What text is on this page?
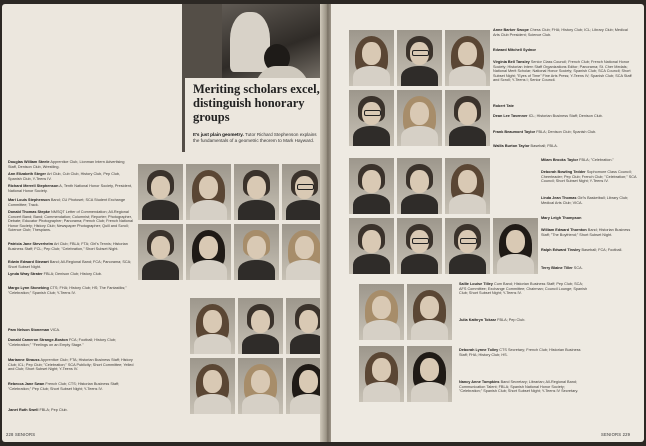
Meriting scholars excel, distinguish honorary groups
It's just plain geometry. Tutor Richard Stephenson explains the fundamentals of a geometric theorem to Mark Hayward.
Douglas William Steele Apprentice Club, Lionman Intern Advertising Staff, Denison Club, Wrestling.
Ann Elizabeth Steger Art Club, Cub Club, History Club, Pep Club, Spanish Club, Y-Teens IV.
Richard Merrell Stephenson A, Tenth National Honor Society, President, National Honor Society.
Mari Louis Stephenson Band; CU Photoset; SCA Student Exchange Committee; Track.
Donald Thomas Stepke NMSQT Letter of Commendation; All-Regional Concert Band; Band; Commendation; Columnist; Reporter; Photographer, Debate; Educator Photographer; Panorama; French Club; French National Honor Society; History Club; Newspaper Photographer; Quill and Scroll; Science Club; Thespians.
Patricia Jane Steverhelm Art Club; FBLA; FTA; Girl's Tennis; Historian Business Staff; FCL; Pep Club; "Celebration," Short Subset Night.
Edwin Edward Stewart Band; All-Regional Band; FCA; Panorama; SCA; Short Subset Night.
Lynda Wray Strater FBLA; Denison Club; History Club.
Margo Lynn Stoneking CTS; FHA; History Club; HS; The Fantastiks;" "Celebration;" Spanish Club; Y-Teens IV.
Pam Nelson Stoneman VICA.
Donald Cameron Strange-Boston FCA; Football; History Club; "Celebration;" "Feelings on an Empty Stage."
Marianne Strauss Apprentice Club; FTA; Historian Business Staff; History Club; ICL; Pep Club; "Celebration;" SCA Publicity; Short Committee; Yelled and Club; Short Subset Night; Y-Teens IV.
Rebecca Jane Swan French Club; CTS; Historian Business Staff; "Celebration;" Pep Club; Short Subset Night; Y-Teens IV.
Janet Ruth Swell FBLA; Pep Club.
228 SENIORS
Anne Barker Swope Chess Club; FHA; History Club; ICL; Library Club; Medical Arts Club President; Science Club.
Edward Mitchell Sydnor
Virginia Bell Tansley Senior Class Council; French Club; French National Honor Society; Historian Intern Staff Organizations Editor; Panorama; St. Cher Medals; National Merit Scholar; National Honor Society; Spanish Club; SCA Council; Short Subset Night; "Eyes of Time" Fine Arts Press; Y-Teens IV; Spanish Club; SCA Staff and Scroll; Y-Teens I; Senior Council.
Robert Tate
Dean Lee Tavenner ICL; Historian Business Staff; Denison Club.
Frank Beaumont Taylor FBLA; Denison Club; Spanish Club.
Wallis Burton Taylor Baseball; FBLA.
Milam Brooks Taylor FBLA; "Celebration."
Deborah Bowling Tedder Sophomore Class Council; Cheerleader; Pep Club; French Club; "Celebration;" SCA Council; Short Subset Night; Y-Teens IV.
Linda Jean Thomas Girl's Basketball; Library Club; Medical Arts Club; VICA.
Mary Leigh Thompson
William Edward Thornton Band; Historian Business Staff; "The Boyfriend;" Short Subset Night.
Ralph Edward Tinsley Baseball; FCA; Football.
Terry Blaine Tiller SCA.
Sallie Louise Tilley Cum Band; Historian Business Staff; Pep Club; SCA; AFS Committee; Exchange Committee; Chairman; Council Lounge; Spanish Club; Short Subset Night; Y-Teens IV.
Julia Kathryn Tokarz FBLA; Pep Club.
Deborah Lynne Tolley CTS Secretary; French Club; Historian Business Staff; FHA; History Club; HS.
Nancy Anne Tompkins Band Secretary; Librarian; All-Regional Band; Communication Talent; FBLA; Spanish National Honor Society; "Celebration;" Spanish Club; Short Subset Night; Y-Teens IV Secretary.
SENIORS 229
